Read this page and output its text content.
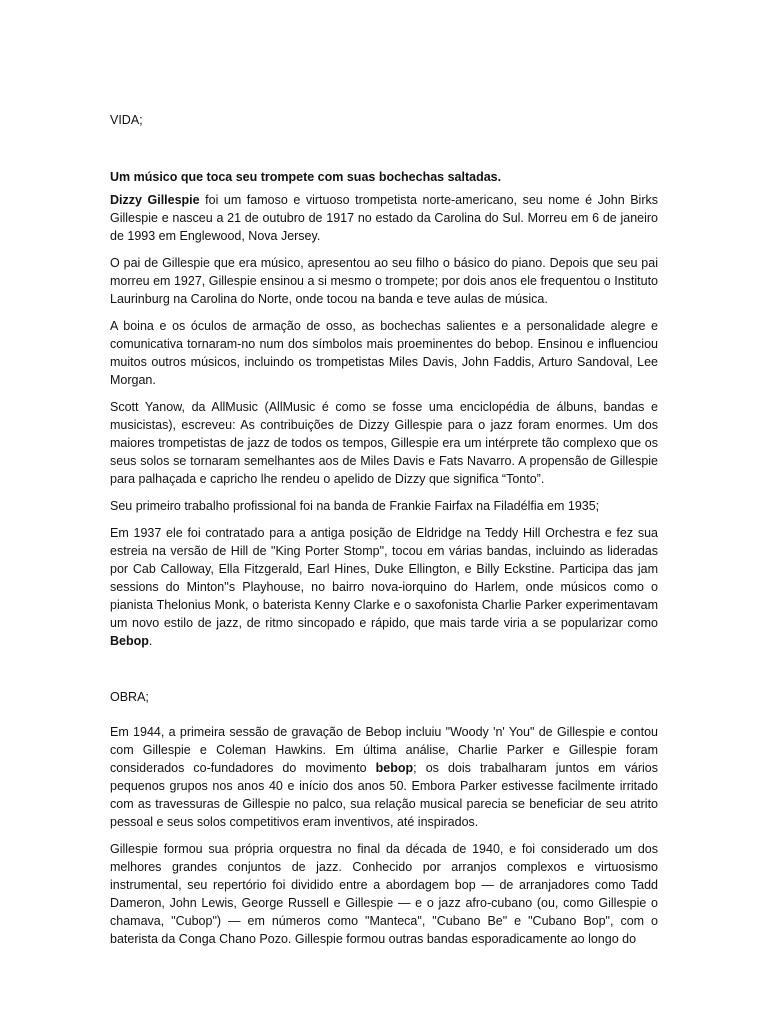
VIDA;
Um músico que toca seu trompete com suas bochechas saltadas.

Dizzy Gillespie foi um famoso e virtuoso trompetista norte-americano, seu nome é John Birks Gillespie e nasceu a 21 de outubro de 1917 no estado da Carolina do Sul. Morreu em 6 de janeiro de 1993 em Englewood, Nova Jersey.

O pai de Gillespie que era músico, apresentou ao seu filho o básico do piano. Depois que seu pai morreu em 1927, Gillespie ensinou a si mesmo o trompete; por dois anos ele frequentou o Instituto Laurinburg na Carolina do Norte, onde tocou na banda e teve aulas de música.

A boina e os óculos de armação de osso, as bochechas salientes e a personalidade alegre e comunicativa tornaram-no num dos símbolos mais proeminentes do bebop. Ensinou e influenciou muitos outros músicos, incluindo os trompetistas Miles Davis, John Faddis, Arturo Sandoval, Lee Morgan.

Scott Yanow, da AllMusic (AllMusic é como se fosse uma enciclopédia de álbuns, bandas e musicistas), escreveu: As contribuições de Dizzy Gillespie para o jazz foram enormes. Um dos maiores trompetistas de jazz de todos os tempos, Gillespie era um intérprete tão complexo que os seus solos se tornaram semelhantes aos de Miles Davis e Fats Navarro. A propensão de Gillespie para palhaçada e capricho lhe rendeu o apelido de Dizzy que significa “Tonto”.

Seu primeiro trabalho profissional foi na banda de Frankie Fairfax na Filadélfia em 1935;

Em 1937 ele foi contratado para a antiga posição de Eldridge na Teddy Hill Orchestra e fez sua estreia na versão de Hill de "King Porter Stomp", tocou em várias bandas, incluindo as lideradas por Cab Calloway, Ella Fitzgerald, Earl Hines, Duke Ellington, e Billy Eckstine. Participa das jam sessions do Minton''s Playhouse, no bairro nova-iorquino do Harlem, onde músicos como o pianista Thelonius Monk, o baterista Kenny Clarke e o saxofonista Charlie Parker experimentavam um novo estilo de jazz, de ritmo sincopado e rápido, que mais tarde viria a se popularizar como Bebop.

OBRA;

Em 1944, a primeira sessão de gravação de Bebop incluiu "Woody 'n' You" de Gillespie e contou com Gillespie e Coleman Hawkins. Em última análise, Charlie Parker e Gillespie foram considerados co-fundadores do movimento bebop; os dois trabalharam juntos em vários pequenos grupos nos anos 40 e início dos anos 50. Embora Parker estivesse facilmente irritado com as travessuras de Gillespie no palco, sua relação musical parecia se beneficiar de seu atrito pessoal e seus solos competitivos eram inventivos, até inspirados.

Gillespie formou sua própria orquestra no final da década de 1940, e foi considerado um dos melhores grandes conjuntos de jazz. Conhecido por arranjos complexos e virtuosismo instrumental, seu repertório foi dividido entre a abordagem bop — de arranjadores como Tadd Dameron, John Lewis, George Russell e Gillespie — e o jazz afro-cubano (ou, como Gillespie o chamava, "Cubop") — em números como "Manteca", "Cubano Be" e "Cubano Bop", com o baterista da Conga Chano Pozo. Gillespie formou outras bandas esporadicamente ao longo do
